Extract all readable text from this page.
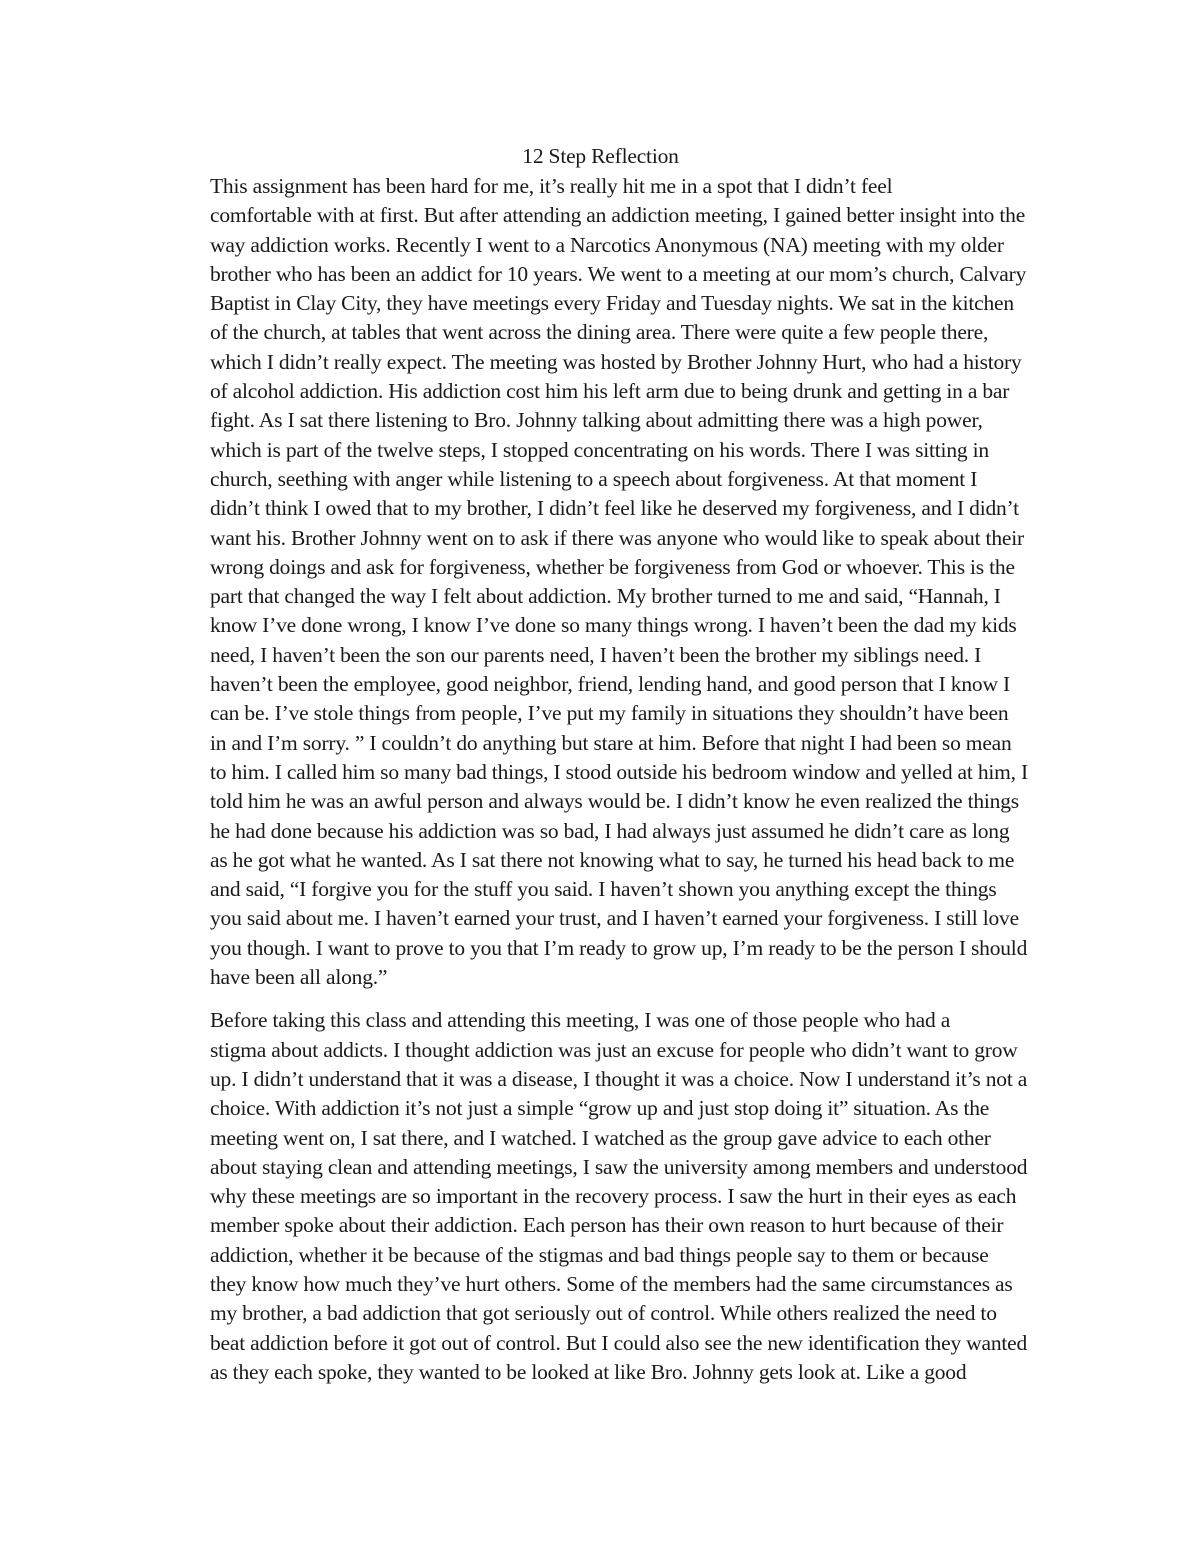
12 Step Reflection

This assignment has been hard for me, it’s really hit me in a spot that I didn’t feel
comfortable with at first. But after attending an addiction meeting, I gained better insight into the
way addiction works. Recently I went to a Narcotics Anonymous (NA) meeting with my older
brother who has been an addict for 10 years. We went to a meeting at our mom’s church, Calvary
Baptist in Clay City, they have meetings every Friday and Tuesday nights. We sat in the kitchen
of the church, at tables that went across the dining area. There were quite a few people there,
which I didn’t really expect. The meeting was hosted by Brother Johnny Hurt, who had a history
of alcohol addiction. His addiction cost him his left arm due to being drunk and getting in a bar
fight. As I sat there listening to Bro. Johnny talking about admitting there was a high power,
which is part of the twelve steps, I stopped concentrating on his words. There I was sitting in
church, seething with anger while listening to a speech about forgiveness. At that moment I
didn’t think I owed that to my brother, I didn’t feel like he deserved my forgiveness, and I didn’t
want his. Brother Johnny went on to ask if there was anyone who would like to speak about their
wrong doings and ask for forgiveness, whether be forgiveness from God or whoever. This is the
part that changed the way I felt about addiction. My brother turned to me and said, “Hannah, I
know I’ve done wrong, I know I’ve done so many things wrong. I haven’t been the dad my kids
need, I haven’t been the son our parents need, I haven’t been the brother my siblings need. I
haven’t been the employee, good neighbor, friend, lending hand, and good person that I know I
can be. I’ve stole things from people, I’ve put my family in situations they shouldn’t have been
in and I’m sorry. ” I couldn’t do anything but stare at him. Before that night I had been so mean
to him. I called him so many bad things, I stood outside his bedroom window and yelled at him, I
told him he was an awful person and always would be. I didn’t know he even realized the things
he had done because his addiction was so bad, I had always just assumed he didn’t care as long
as he got what he wanted. As I sat there not knowing what to say, he turned his head back to me
and said, “I forgive you for the stuff you said. I haven’t shown you anything except the things
you said about me. I haven’t earned your trust, and I haven’t earned your forgiveness. I still love
you though. I want to prove to you that I’m ready to grow up, I’m ready to be the person I should
have been all along.”

Before taking this class and attending this meeting, I was one of those people who had a
stigma about addicts. I thought addiction was just an excuse for people who didn’t want to grow
up. I didn’t understand that it was a disease, I thought it was a choice. Now I understand it’s not a
choice. With addiction it’s not just a simple “grow up and just stop doing it” situation. As the
meeting went on, I sat there, and I watched. I watched as the group gave advice to each other
about staying clean and attending meetings, I saw the university among members and understood
why these meetings are so important in the recovery process. I saw the hurt in their eyes as each
member spoke about their addiction. Each person has their own reason to hurt because of their
addiction, whether it be because of the stigmas and bad things people say to them or because
they know how much they’ve hurt others. Some of the members had the same circumstances as
my brother, a bad addiction that got seriously out of control. While others realized the need to
beat addiction before it got out of control. But I could also see the new identification they wanted
as they each spoke, they wanted to be looked at like Bro. Johnny gets look at. Like a good
